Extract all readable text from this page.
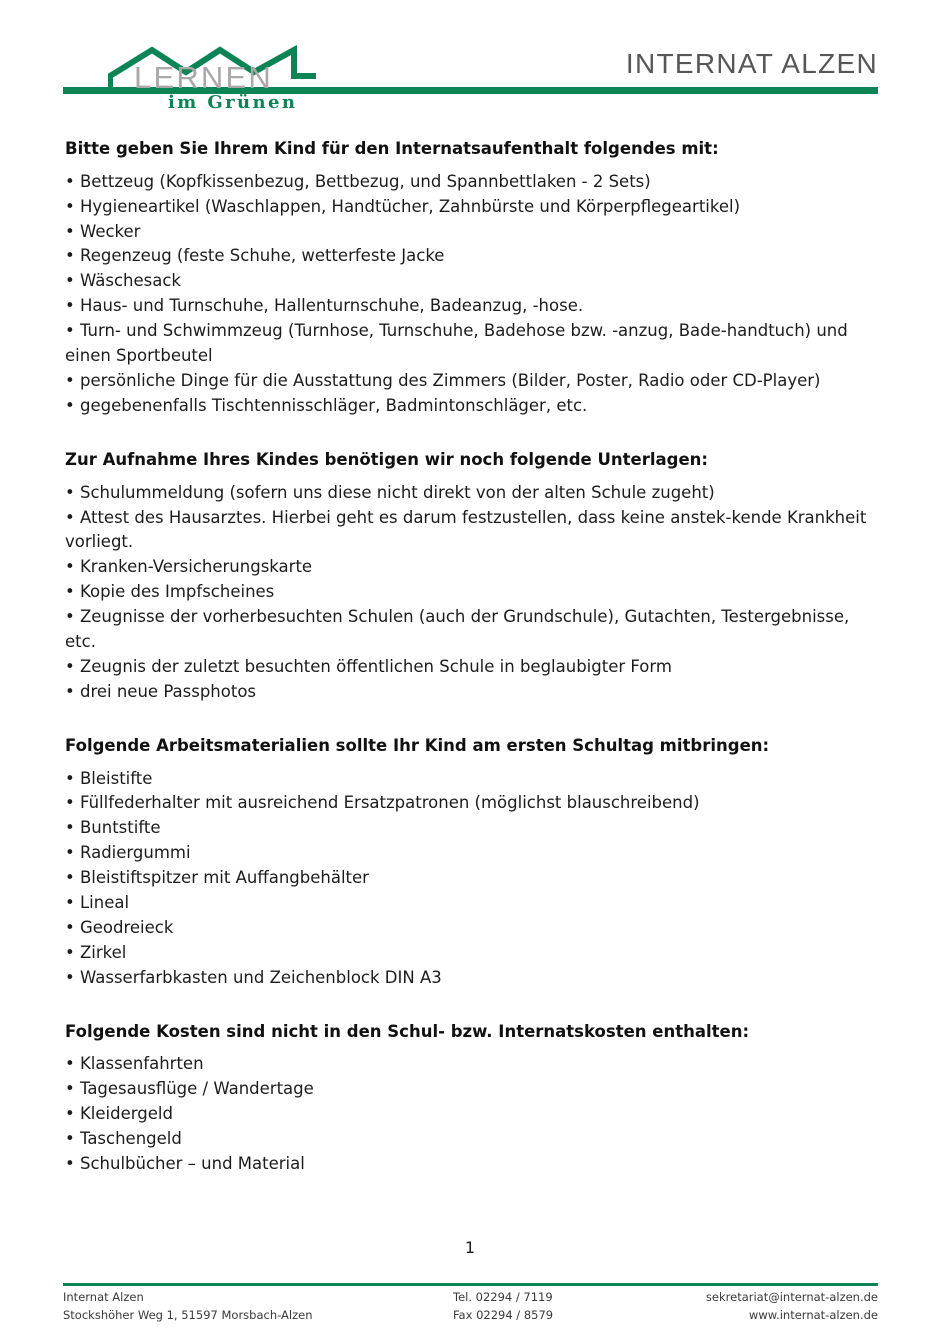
LERNEN
im Grünen
INTERNAT ALZEN
Bitte geben Sie Ihrem Kind für den Internatsaufenthalt folgendes mit:
• Bettzeug (Kopfkissenbezug, Bettbezug, und Spannbettlaken - 2 Sets)
• Hygieneartikel (Waschlappen, Handtücher, Zahnbürste und Körperpflegeartikel)
• Wecker
• Regenzeug (feste Schuhe, wetterfeste Jacke
• Wäschesack
• Haus- und Turnschuhe, Hallenturnschuhe, Badeanzug, -hose.
• Turn- und Schwimmzeug (Turnhose, Turnschuhe, Badehose bzw. -anzug, Bade-handtuch) und einen Sportbeutel
• persönliche Dinge für die Ausstattung des Zimmers (Bilder, Poster, Radio oder CD-Player)
• gegebenenfalls Tischtennisschläger, Badmintonschläger, etc.
Zur Aufnahme Ihres Kindes benötigen wir noch folgende Unterlagen:
• Schulummeldung (sofern uns diese nicht direkt von der alten Schule zugeht)
• Attest des Hausarztes. Hierbei geht es darum festzustellen, dass keine anstek-kende Krankheit vorliegt.
• Kranken-Versicherungskarte
• Kopie des Impfscheines
• Zeugnisse der vorherbesuchten Schulen (auch der Grundschule), Gutachten, Testergebnisse, etc.
• Zeugnis der zuletzt besuchten öffentlichen Schule in beglaubigter Form
• drei neue Passphotos
Folgende Arbeitsmaterialien sollte Ihr Kind am ersten Schultag mitbringen:
• Bleistifte
• Füllfederhalter mit ausreichend Ersatzpatronen (möglichst blauschreibend)
• Buntstifte
• Radiergummi
• Bleistiftspitzer mit Auffangbehälter
• Lineal
• Geodreieck
• Zirkel
• Wasserfarbkasten und Zeichenblock DIN A3
Folgende Kosten sind nicht in den Schul- bzw. Internatskosten enthalten:
• Klassenfahrten
• Tagesausflüge / Wandertage
• Kleidergeld
• Taschengeld
• Schulbücher – und Material
1
Internat Alzen
Stockshöher Weg 1, 51597 Morsbach-Alzen
Tel. 02294 / 7119
Fax 02294 / 8579
sekretariat@internat-alzen.de
www.internat-alzen.de
